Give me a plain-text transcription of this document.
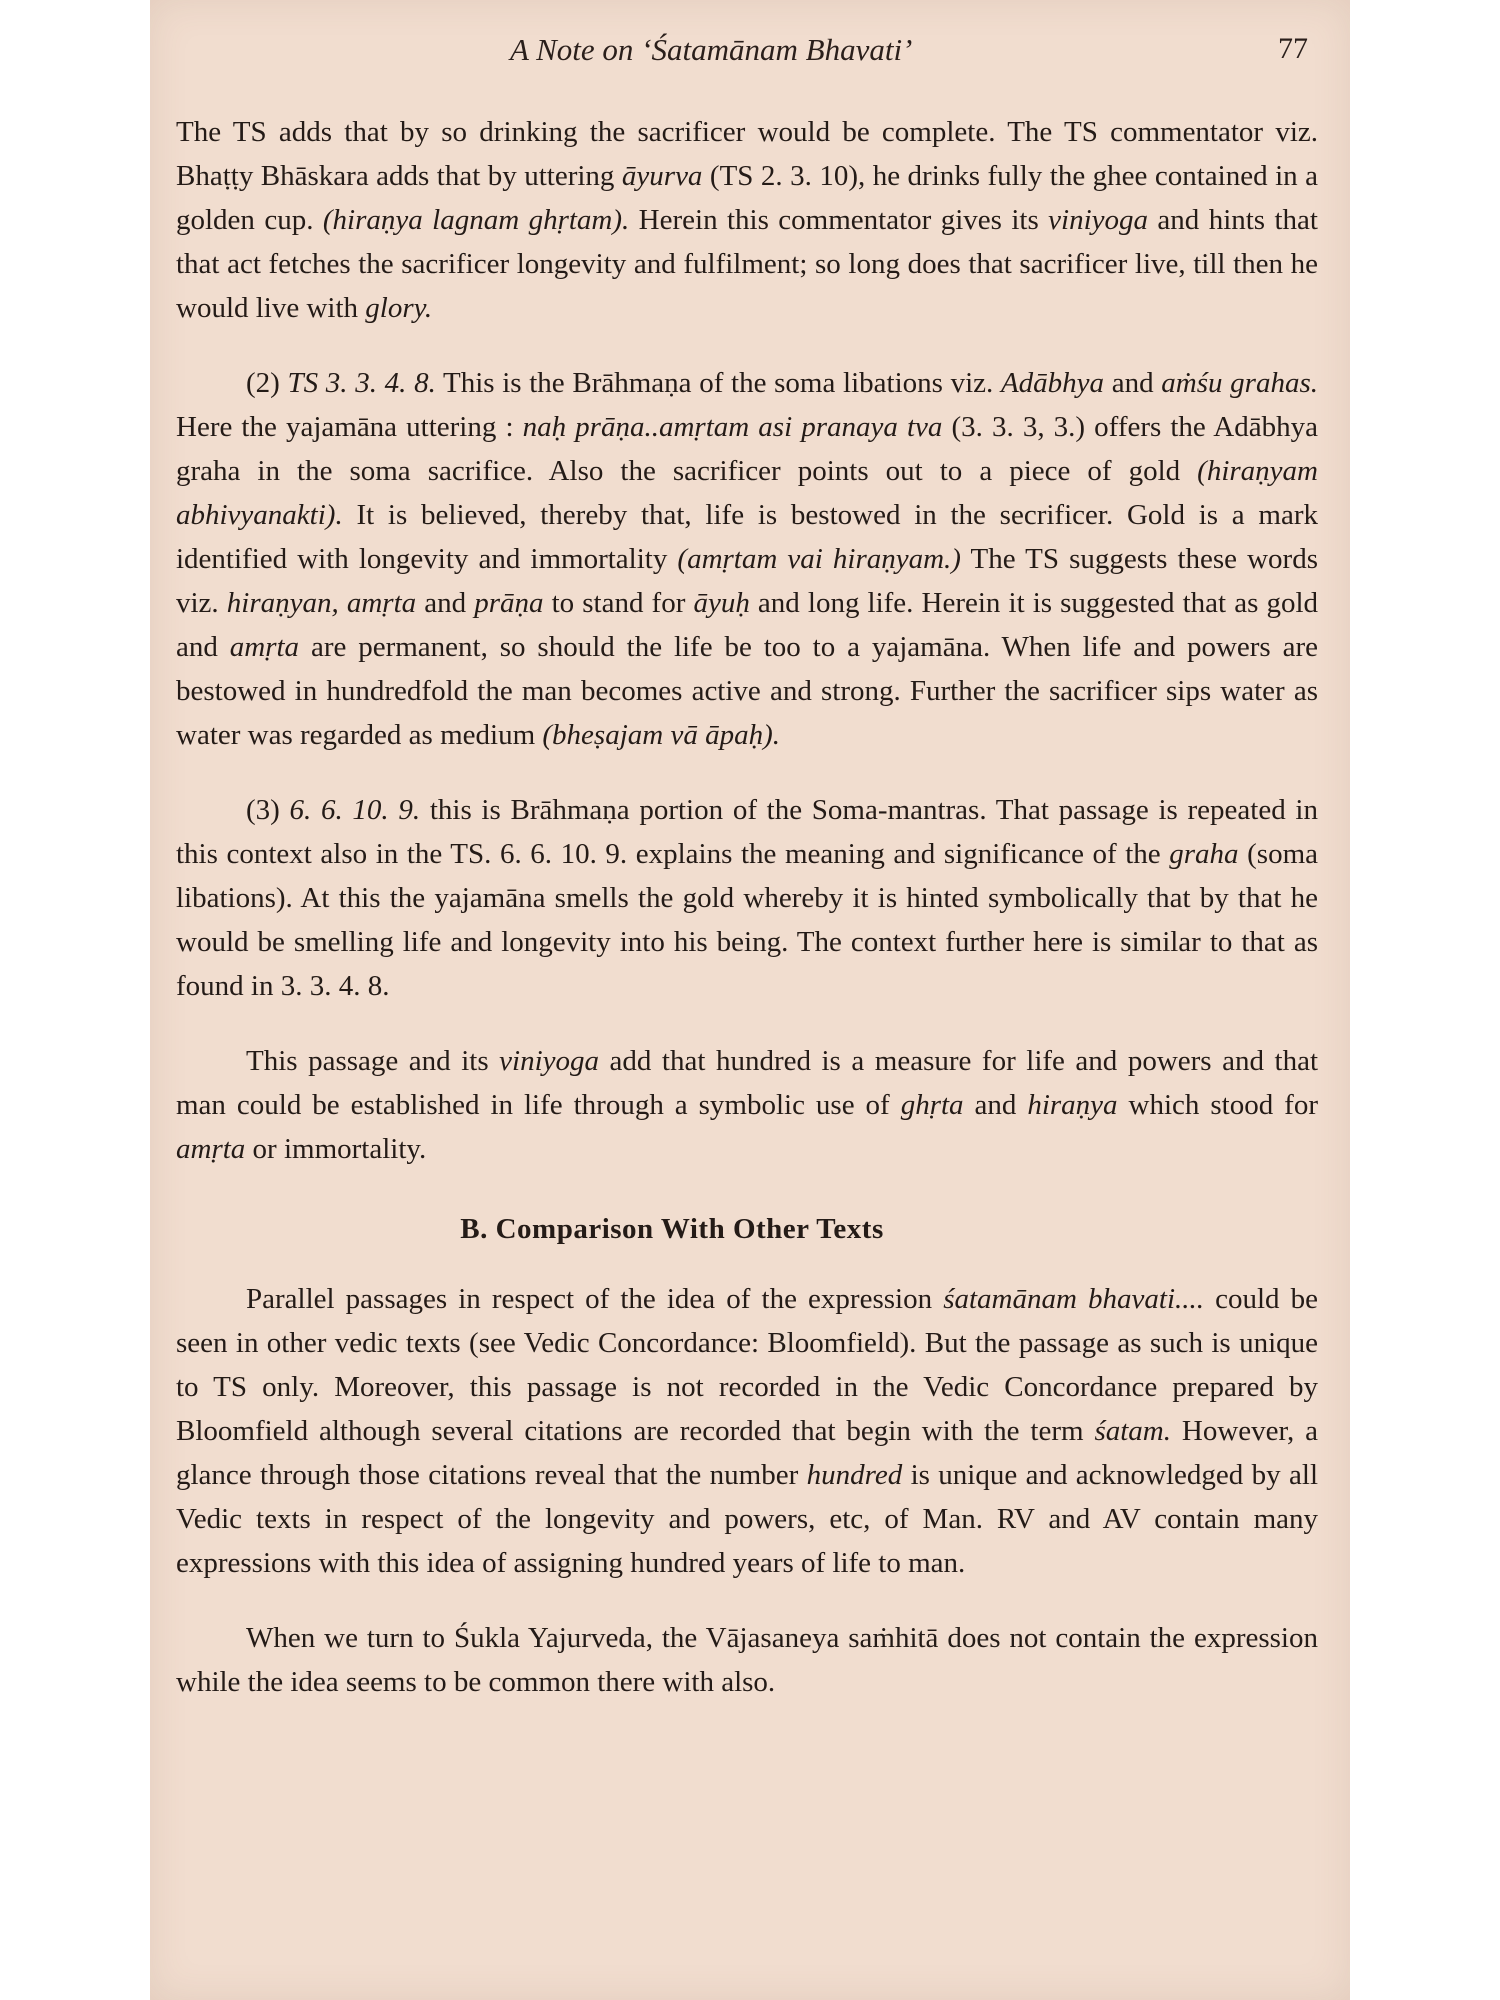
A Note on ‘Śatamānam Bhavati’	77

The TS adds that by so drinking the sacrificer would be complete. The TS commentator viz. Bhaṭṭy Bhāskara adds that by uttering āyurva (TS 2. 3. 10), he drinks fully the ghee contained in a golden cup. (hiraṇya lagnam ghṛtam). Herein this commentator gives its viniyoga and hints that that act fetches the sacrificer longevity and fulfilment; so long does that sacrificer live, till then he would live with glory.

(2) TS 3. 3. 4. 8. This is the Brāhmaṇa of the soma libations viz. Adābhya and aṁśu grahas. Here the yajamāna uttering : naḥ prāṇa..amṛtam asi pranaya tva (3. 3. 3, 3.) offers the Adābhya graha in the soma sacrifice. Also the sacrificer points out to a piece of gold (hiraṇyam abhivyanakti). It is believed, thereby that, life is bestowed in the secrificer. Gold is a mark identified with longevity and immortality (amṛtam vai hiraṇyam.) The TS suggests these words viz. hiraṇyan, amṛta and prāṇa to stand for āyuḥ and long life. Herein it is suggested that as gold and amṛta are permanent, so should the life be too to a yajamāna. When life and powers are bestowed in hundredfold the man becomes active and strong. Further the sacrificer sips water as water was regarded as medium (bheṣajam vā āpaḥ).

(3) 6. 6. 10. 9. this is Brāhmaṇa portion of the Soma-mantras. That passage is repeated in this context also in the TS. 6. 6. 10. 9. explains the meaning and significance of the graha (soma libations). At this the yajamāna smells the gold whereby it is hinted symbolically that by that he would be smelling life and longevity into his being. The context further here is similar to that as found in 3. 3. 4. 8.

This passage and its viniyoga add that hundred is a measure for life and powers and that man could be established in life through a symbolic use of ghṛta and hiraṇya which stood for amṛta or immortality.

B. Comparison With Other Texts

Parallel passages in respect of the idea of the expression śatamānam bhavati.... could be seen in other vedic texts (see Vedic Concordance: Bloomfield). But the passage as such is unique to TS only. Moreover, this passage is not recorded in the Vedic Concordance prepared by Bloomfield although several citations are recorded that begin with the term śatam. However, a glance through those citations reveal that the number hundred is unique and acknowledged by all Vedic texts in respect of the longevity and powers, etc, of Man. RV and AV contain many expressions with this idea of assigning hundred years of life to man.

When we turn to Śukla Yajurveda, the Vājasaneya saṁhitā does not contain the expression while the idea seems to be common there with also.
